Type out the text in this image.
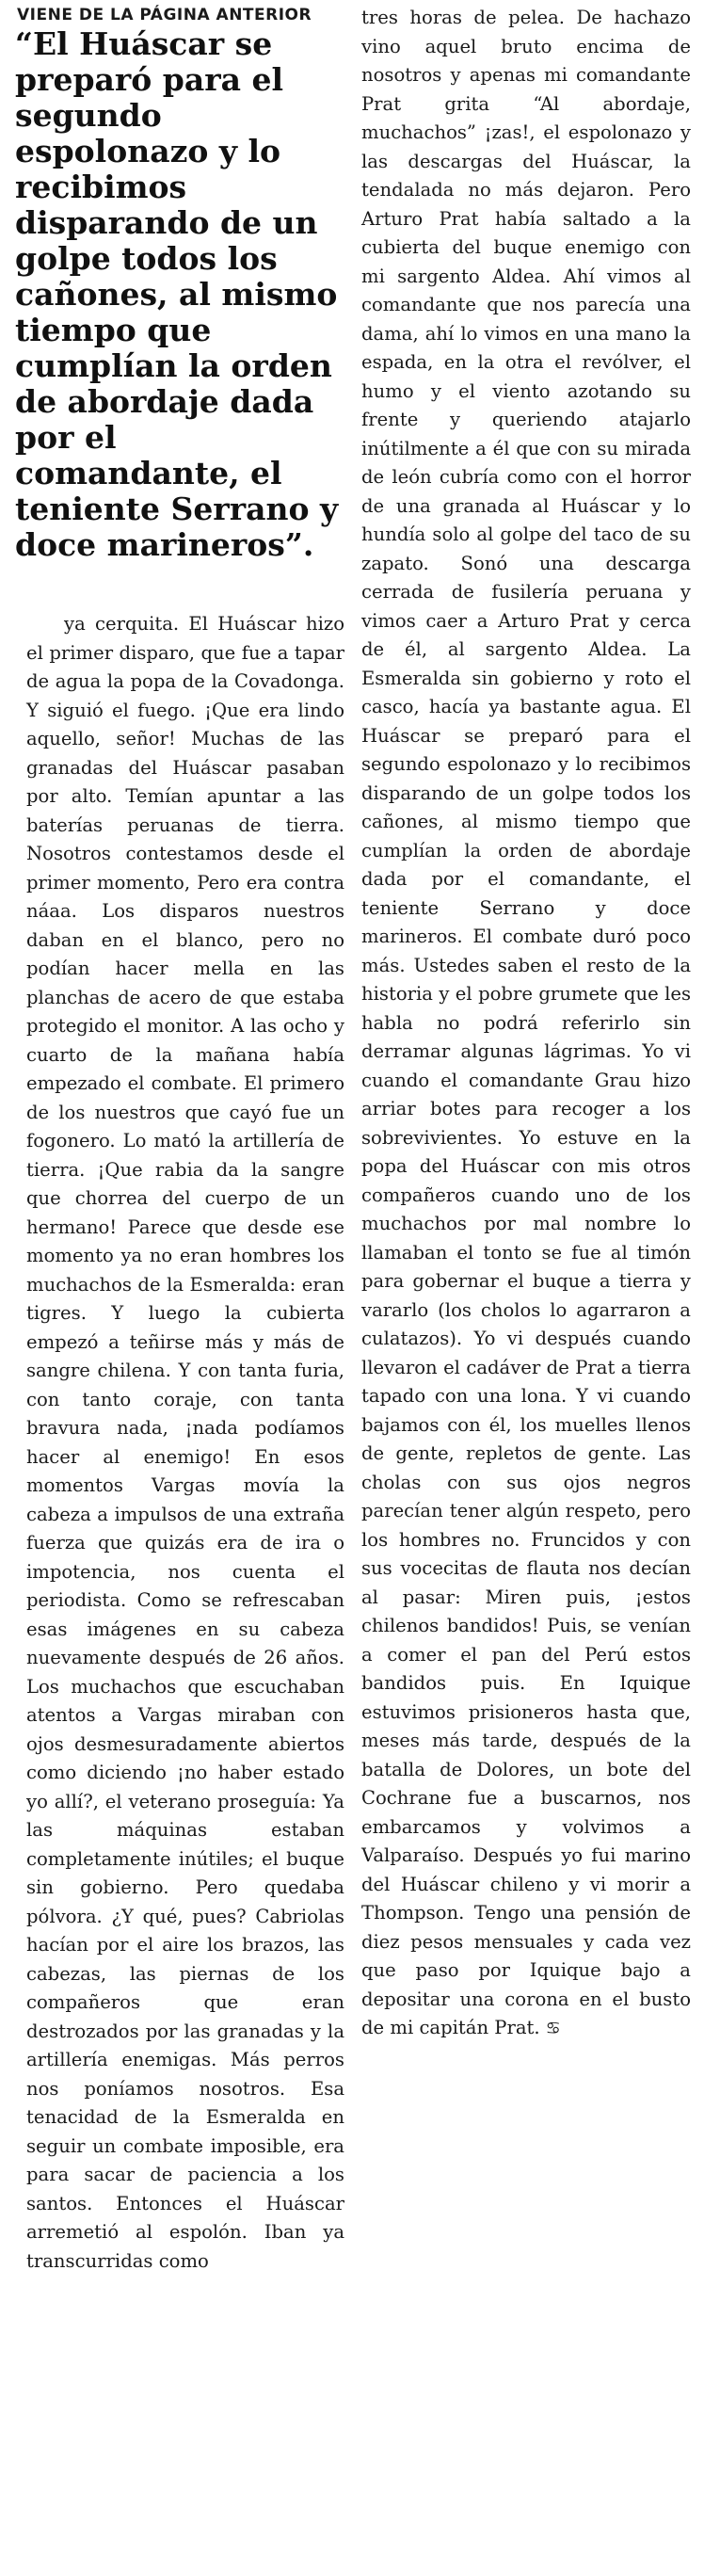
VIENE DE LA PÁGINA ANTERIOR
“El Huáscar se preparó para el segundo espolonazo y lo recibimos disparando de un golpe todos los cañones, al mismo tiempo que cumplían la orden de abordaje dada por el comandante, el teniente Serrano y doce marineros”.

ya cerquita. El Huáscar hizo el primer disparo, que fue a tapar de agua la popa de la Covadonga. Y siguió el fuego. ¡Que era lindo aquello, señor! Muchas de las granadas del Huáscar pasaban por alto. Temían apuntar a las baterías peruanas de tierra. Nosotros contestamos desde el primer momento, Pero era contra náaa. Los disparos nuestros daban en el blanco, pero no podían hacer mella en las planchas de acero de que estaba protegido el monitor. A las ocho y cuarto de la mañana había empezado el combate. El primero de los nuestros que cayó fue un fogonero. Lo mató la artillería de tierra. ¡Que rabia da la sangre que chorrea del cuerpo de un hermano! Parece que desde ese momento ya no eran hombres los muchachos de la Esmeralda: eran tigres. Y luego la cubierta empezó a teñirse más y más de sangre chilena. Y con tanta furia, con tanto coraje, con tanta bravura nada, ¡nada podíamos hacer al enemigo! En esos momentos Vargas movía la cabeza a impulsos de una extraña fuerza que quizás era de ira o impotencia, nos cuenta el periodista. Como se refrescaban esas imágenes en su cabeza nuevamente después de 26 años. Los muchachos que escuchaban atentos a Vargas miraban con ojos desmesuradamente abiertos como diciendo ¡no haber estado yo allí?, el veterano proseguía: Ya las máquinas estaban completamente inútiles; el buque sin gobierno. Pero quedaba pólvora. ¿Y qué, pues? Cabriolas hacían por el aire los brazos, las cabezas, las piernas de los compañeros que eran destrozados por las granadas y la artillería enemigas. Más perros nos poníamos nosotros. Esa tenacidad de la Esmeralda en seguir un combate imposible, era para sacar de paciencia a los santos. Entonces el Huáscar arremetió al espolón. Iban ya transcurridas como

tres horas de pelea. De hachazo vino aquel bruto encima de nosotros y apenas mi comandante Prat grita “Al abordaje, muchachos” ¡zas!, el espolonazo y las descargas del Huáscar, la tendalada no más dejaron. Pero Arturo Prat había saltado a la cubierta del buque enemigo con mi sargento Aldea. Ahí vimos al comandante que nos parecía una dama, ahí lo vimos en una mano la espada, en la otra el revólver, el humo y el viento azotando su frente y queriendo atajarlo inútilmente a él que con su mirada de león cubría como con el horror de una granada al Huáscar y lo hundía solo al golpe del taco de su zapato. Sonó una descarga cerrada de fusilería peruana y vimos caer a Arturo Prat y cerca de él, al sargento Aldea. La Esmeralda sin gobierno y roto el casco, hacía ya bastante agua. El Huáscar se preparó para el segundo espolonazo y lo recibimos disparando de un golpe todos los cañones, al mismo tiempo que cumplían la orden de abordaje dada por el comandante, el teniente Serrano y doce marineros. El combate duró poco más. Ustedes saben el resto de la historia y el pobre grumete que les habla no podrá referirlo sin derramar algunas lágrimas. Yo vi cuando el comandante Grau hizo arriar botes para recoger a los sobrevivientes. Yo estuve en la popa del Huáscar con mis otros compañeros cuando uno de los muchachos por mal nombre lo llamaban el tonto se fue al timón para gobernar el buque a tierra y vararlo (los cholos lo agarraron a culatazos). Yo vi después cuando llevaron el cadáver de Prat a tierra tapado con una lona. Y vi cuando bajamos con él, los muelles llenos de gente, repletos de gente. Las cholas con sus ojos negros parecían tener algún respeto, pero los hombres no. Fruncidos y con sus vocecitas de flauta nos decían al pasar: Miren puis, ¡estos chilenos bandidos! Puis, se venían a comer el pan del Perú estos bandidos puis. En Iquique estuvimos prisioneros hasta que, meses más tarde, después de la batalla de Dolores, un bote del Cochrane fue a buscarnos, nos embarcamos y volvimos a Valparaíso. Después yo fui marino del Huáscar chileno y vi morir a Thompson. Tengo una pensión de diez pesos mensuales y cada vez que paso por Iquique bajo a depositar una corona en el busto de mi capitán Prat. ♋
